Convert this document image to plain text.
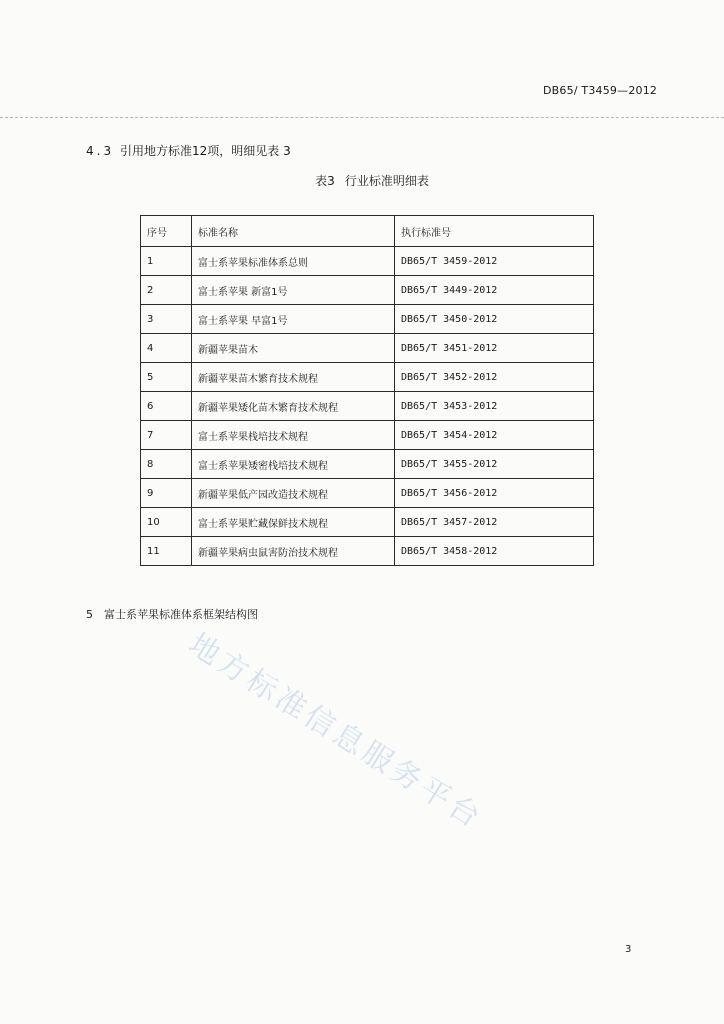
DB65/ T3459—2012
4.3 引用地方标准12项，明细见表 3
表3 行业标准明细表
序号	标准名称	执行标准号
1	富士系苹果标准体系总则	DB65/T 3459-2012
2	富士系苹果 新富1号	DB65/T 3449-2012
3	富士系苹果 早富1号	DB65/T 3450-2012
4	新疆苹果苗木	DB65/T 3451-2012
5	新疆苹果苗木繁育技术规程	DB65/T 3452-2012
6	新疆苹果矮化苗木繁育技术规程	DB65/T 3453-2012
7	富士系苹果栈培技术规程	DB65/T 3454-2012
8	富士系苹果矮密栈培技术规程	DB65/T 3455-2012
9	新疆苹果低产园改造技术规程	DB65/T 3456-2012
10	富士系苹果贮藏保鲜技术规程	DB65/T 3457-2012
11	新疆苹果病虫鼠害防治技术规程	DB65/T 3458-2012
5 富士系苹果标准体系框架结构图
地方标准信息服务平台
3
